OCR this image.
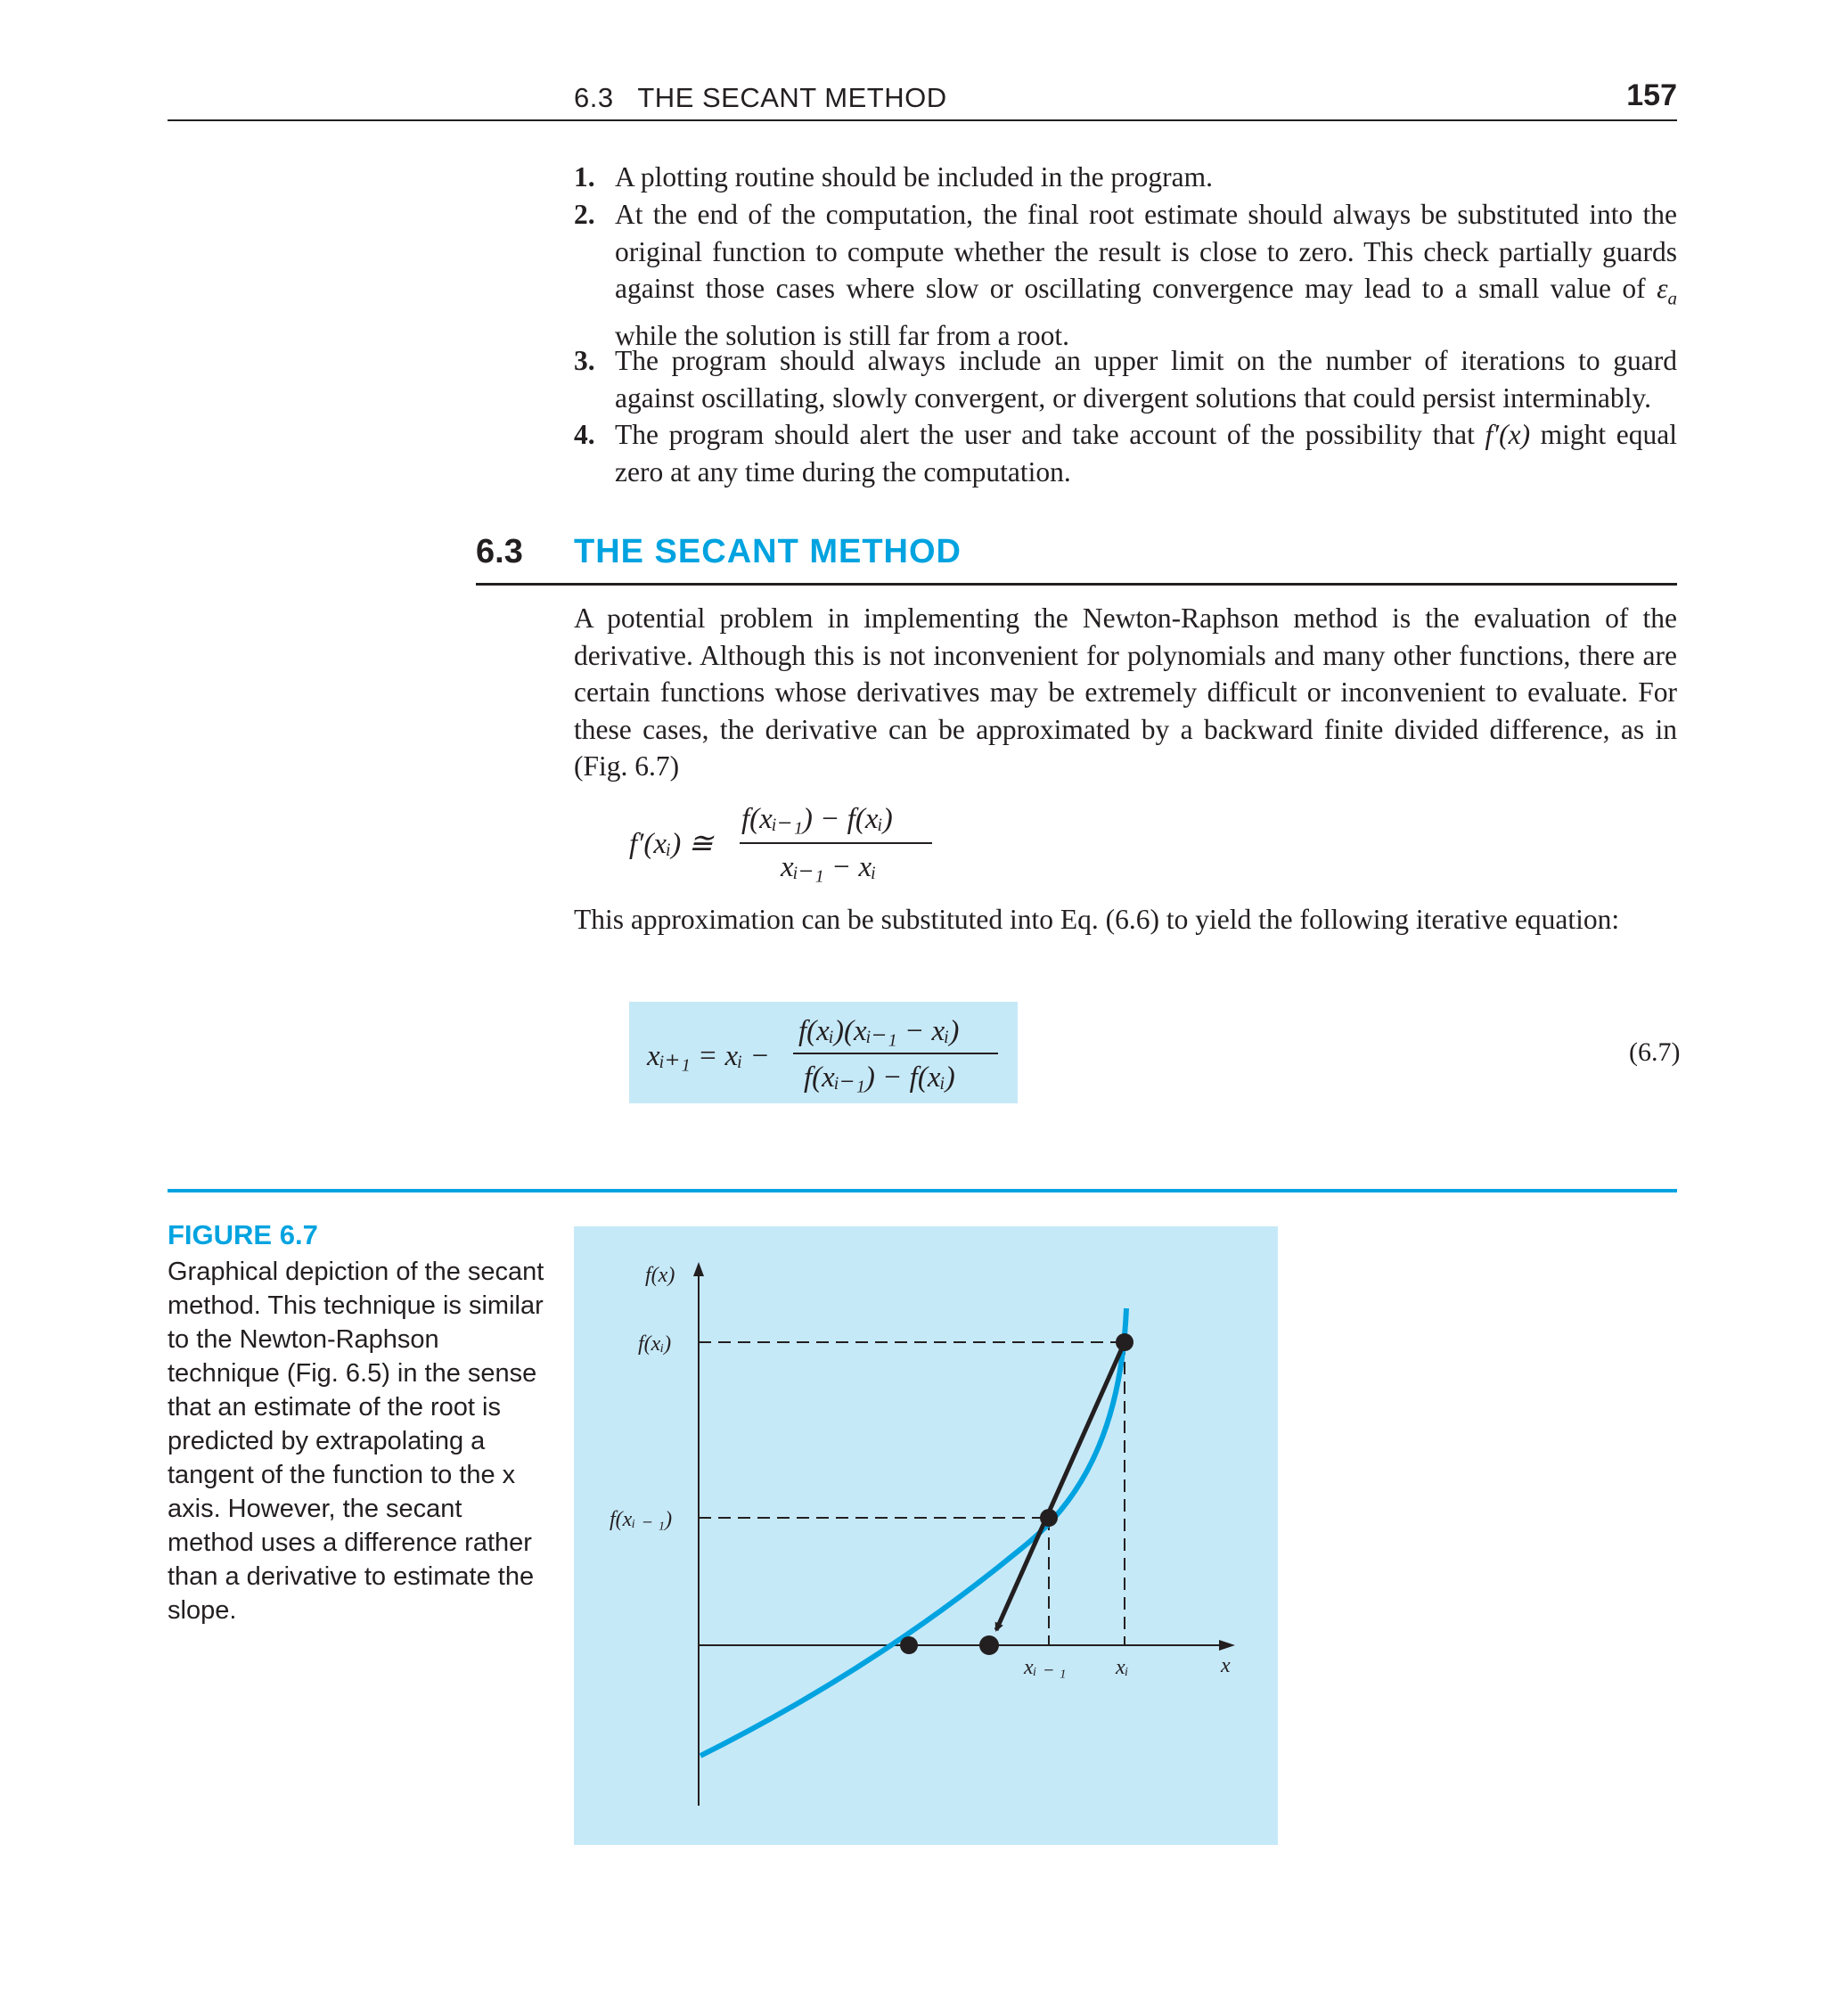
6.3   THE SECANT METHOD	157
1. A plotting routine should be included in the program.
2. At the end of the computation, the final root estimate should always be substituted into the original function to compute whether the result is close to zero. This check partially guards against those cases where slow or oscillating convergence may lead to a small value of $\varepsilon_a$ while the solution is still far from a root.
3. The program should always include an upper limit on the number of iterations to guard against oscillating, slowly convergent, or divergent solutions that could persist interminably.
4. The program should alert the user and take account of the possibility that f′(x) might equal zero at any time during the computation.
6.3 THE SECANT METHOD
A potential problem in implementing the Newton-Raphson method is the evaluation of the derivative. Although this is not inconvenient for polynomials and many other functions, there are certain functions whose derivatives may be extremely difficult or inconvenient to evaluate. For these cases, the derivative can be approximated by a backward finite divided difference, as in (Fig. 6.7)
f′(xᵢ) ≅
f(xᵢ₋₁) − f(xᵢ)
xᵢ₋₁ − xᵢ
This approximation can be substituted into Eq. (6.6) to yield the following iterative equation:
xᵢ₊₁ = xᵢ −
f(xᵢ)(xᵢ₋₁ − xᵢ)
f(xᵢ₋₁) − f(xᵢ)
(6.7)
FIGURE 6.7
Graphical depiction of the secant method. This technique is similar to the Newton-Raphson technique (Fig. 6.5) in the sense that an estimate of the root is predicted by extrapolating a tangent of the function to the x axis. However, the secant method uses a difference rather than a derivative to estimate the slope.
f(x)
f(xᵢ)
f(xᵢ ₋ ₁)
xᵢ ₋ ₁ xᵢ	x
